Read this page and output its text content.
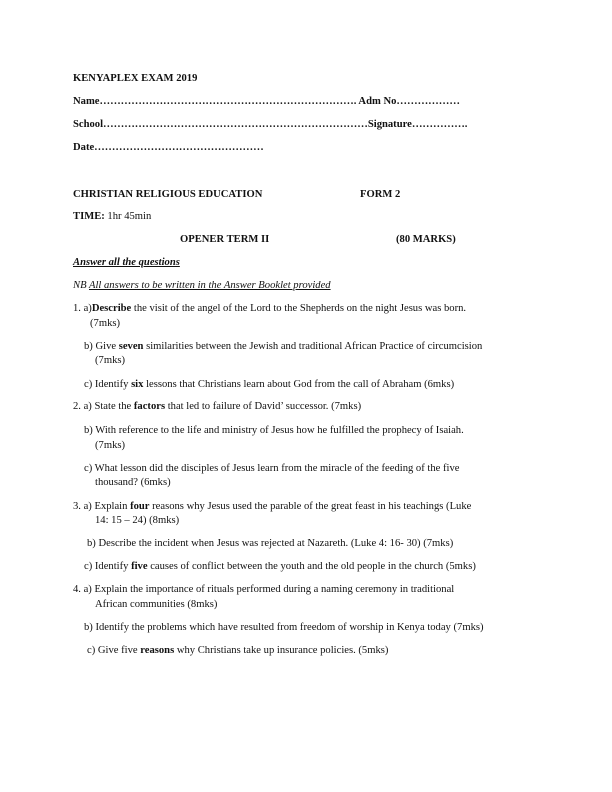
KENYAPLEX EXAM 2019
Name………………………………………………………………. Adm No………………
School…………………………………………………………………Signature…………….
Date…………………………………………
CHRISTIAN RELIGIOUS EDUCATION	FORM 2
TIME: 1hr 45min
OPENER TERM II	(80 MARKS)
Answer all the questions
NB All answers to be written in the Answer Booklet provided
1. a)Describe the visit of the angel of the Lord to the Shepherds on the night Jesus was born.
(7mks)
b) Give seven similarities between the Jewish and traditional African Practice of circumcision
(7mks)
c) Identify six lessons that Christians learn about God from the call of Abraham (6mks)
2. a) State the factors that led to failure of David’ successor. (7mks)
b) With reference to the life and ministry of Jesus how he fulfilled the prophecy of Isaiah.
(7mks)
c) What lesson did the disciples of Jesus learn from the miracle of the feeding of the five
thousand? (6mks)
3. a) Explain four reasons why Jesus used the parable of the great feast in his teachings (Luke
14: 15 – 24) (8mks)
b) Describe the incident when Jesus was rejected at Nazareth. (Luke 4: 16- 30) (7mks)
c) Identify five causes of conflict between the youth and the old people in the church (5mks)
4. a) Explain the importance of rituals performed during a naming ceremony in traditional
African communities (8mks)
b) Identify the problems which have resulted from freedom of worship in Kenya today (7mks)
c) Give five reasons why Christians take up insurance policies. (5mks)
